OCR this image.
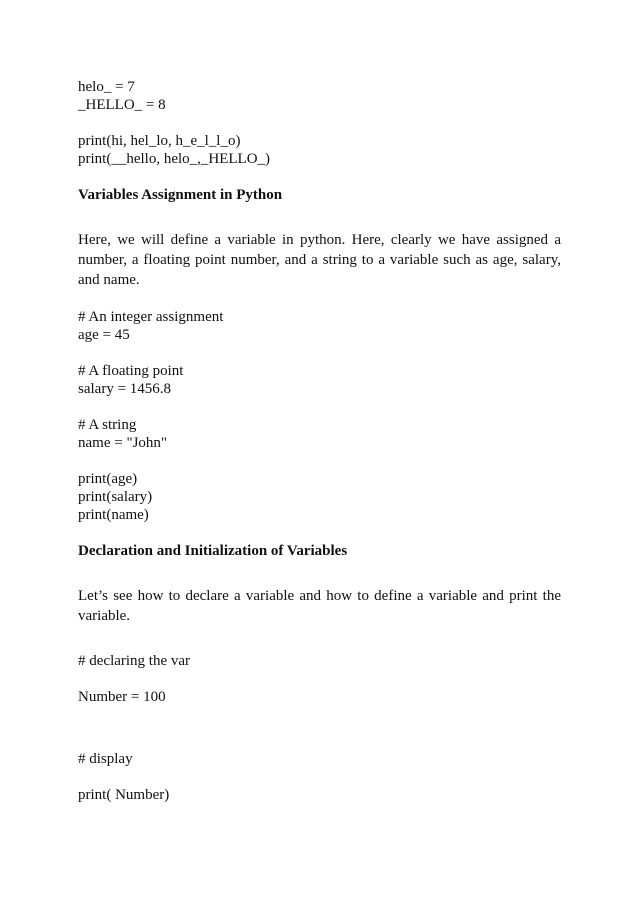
helo_ = 7
_HELLO_ = 8
print(hi, hel_lo, h_e_l_l_o)
print(__hello, helo_,_HELLO_)
Variables Assignment in Python
Here, we will define a variable in python. Here, clearly we have assigned a number, a floating point number, and a string to a variable such as age, salary, and name.
# An integer assignment
age = 45
# A floating point
salary = 1456.8
# A string
name = "John"
print(age)
print(salary)
print(name)
Declaration and Initialization of Variables
Let’s see how to declare a variable and how to define a variable and print the variable.
# declaring the var
Number = 100
# display
print( Number)
